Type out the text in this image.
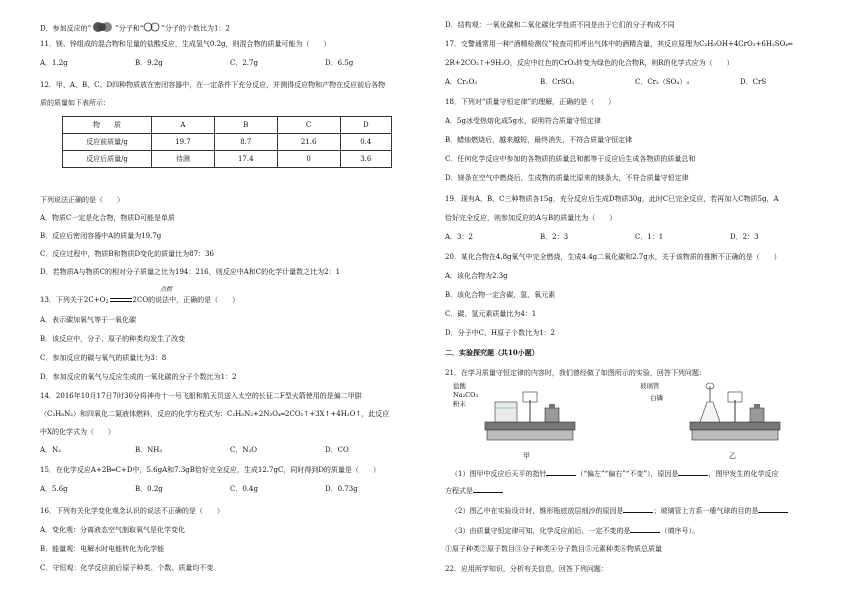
D．参加反应的“	”分子和“	”分子的个数比为1：2
11．镁、锌组成的混合物和足量的盐酸反应，生成氢气0.2g，则混合物的质量可能为（　　）
A．1.2g	B．9.2g	C．2.7g	D．6.5g
12．甲、A、B、C、D四种物质放在密闭容器中，在一定条件下充分反应，并测得反应物和产物在反应前后各物
质的质量如下表所示：
物　　质	A	B	C	D
反应前质量/g	19.7	8.7	21.6	0.4
反应后质量/g	待测	17.4	0	3.6
下列说法正确的是（　　）
A．物质C一定是化合物，物质D可能是单质
B．反应后密闭容器中A的质量为19.7g
C．反应过程中，物质B和物质D变化的质量比为87：36
D．若物质A与物质C的相对分子质量之比为194：216，则反应中A和C的化学计量数之比为2：1
点燃
13．下列关于2C+O2	2CO的说法中，正确的是（　　）
A．表示碳加氧气等于一氧化碳
B．该反应中，分子、原子的种类均发生了改变
C．参加反应的碳与氧气的质量比为3：8
D．参加反应的氧气与反应生成的一氧化碳的分子个数比为1：2
14．2016年10月17日7时30分将神舟十一号飞船和航天员送入太空的长征二F型火箭使用的是偏二甲肼
（C₂H₈N₂）和四氧化二氮液体燃料，反应的化学方程式为：C₂H₈N₂+2N₂O₄═2CO₂↑+3X↑+4H₂O↑，此反应
中X的化学式为（　　）
A．N₂	B．NH₃	C．N₂O	D．CO
15．在化学反应A+2B═C+D中，5.6gA和7.3gB恰好完全反应，生成12.7gC，同时得到D的质量是（　　）
A．5.6g	B．0.2g	C．0.4g	D．0.73g
16．下列有关化学变化观念认识的说法不正确的是（　　）
A．变化观：分离液态空气制取氧气是化学变化
B．能量观：电解水时电能转化为化学能
C．守恒观：化学反应前后原子种类、个数、质量均不变
D．结构观：一氧化碳和二氧化碳化学性质不同是由于它们的分子构成不同
17．交警通常用一种“酒精检测仪”检查司机呼出气体中的酒精含量，其反应原理为C₂H₅OH+4CrO₃+6H₂SO₄═
2R+2CO₂↑+9H₂O，反应中红色的CrO₃转变为绿色的化合物R，则R的化学式应为（　　）
A．Cr₂O₃	B．CrSO₃	C．Cr₂（SO₄）₃	D．CrS
18．下列对“质量守恒定律”的理解，正确的是（　　）
A．5g冰受热熔化成5g水，说明符合质量守恒定律
B．蜡烛燃烧后，越来越短，最终消失，不符合质量守恒定律
C．任何化学反应中参加的各物质的质量总和都等于反应后生成各物质的质量总和
D．镁条在空气中燃烧后，生成物的质量比原来的镁条大，不符合质量守恒定律
19．现有A、B、C三种物质各15g，充分反应后生成D物质30g，此时C已完全反应，若再加入C物质5g，A
恰好完全反应，则参加反应的A与B的质量比为（　　）
A．3：2	B．2：3	C．1：1	D．2：3
20．某化合物在4.8g氧气中完全燃烧，生成4.4g二氧化碳和2.7g水，关于该物质的推断不正确的是（　　）
A．该化合物为2.3g
B．该化合物一定含碳、氢、氧元素
C．碳、氢元素质量比为4：1
D．分子中C、H原子个数比为1：2
二．实验探究题（共10小题）
21．在学习质量守恒定律的内容时，我们曾经做了如图所示的实验，回答下列问题：
盐酸
Na₂CO₃
粉末
玻璃管
白磷
甲	乙
（1）图甲中反应后天平的指针	（“偏左”“偏右”“不变”），原因是	，图甲发生的化学反应
方程式是
（2）图乙中在实验设计时，锥形瓶底放层细沙的原因是	；玻璃管上方系一瘪气球的目的是
（3）由质量守恒定律可知，化学反应前后，一定不变的是	（填序号）。
①原子种类②原子数目③分子种类④分子数目⑤元素种类⑥物质总质量
22．应用所学知识，分析有关信息，回答下列问题：
